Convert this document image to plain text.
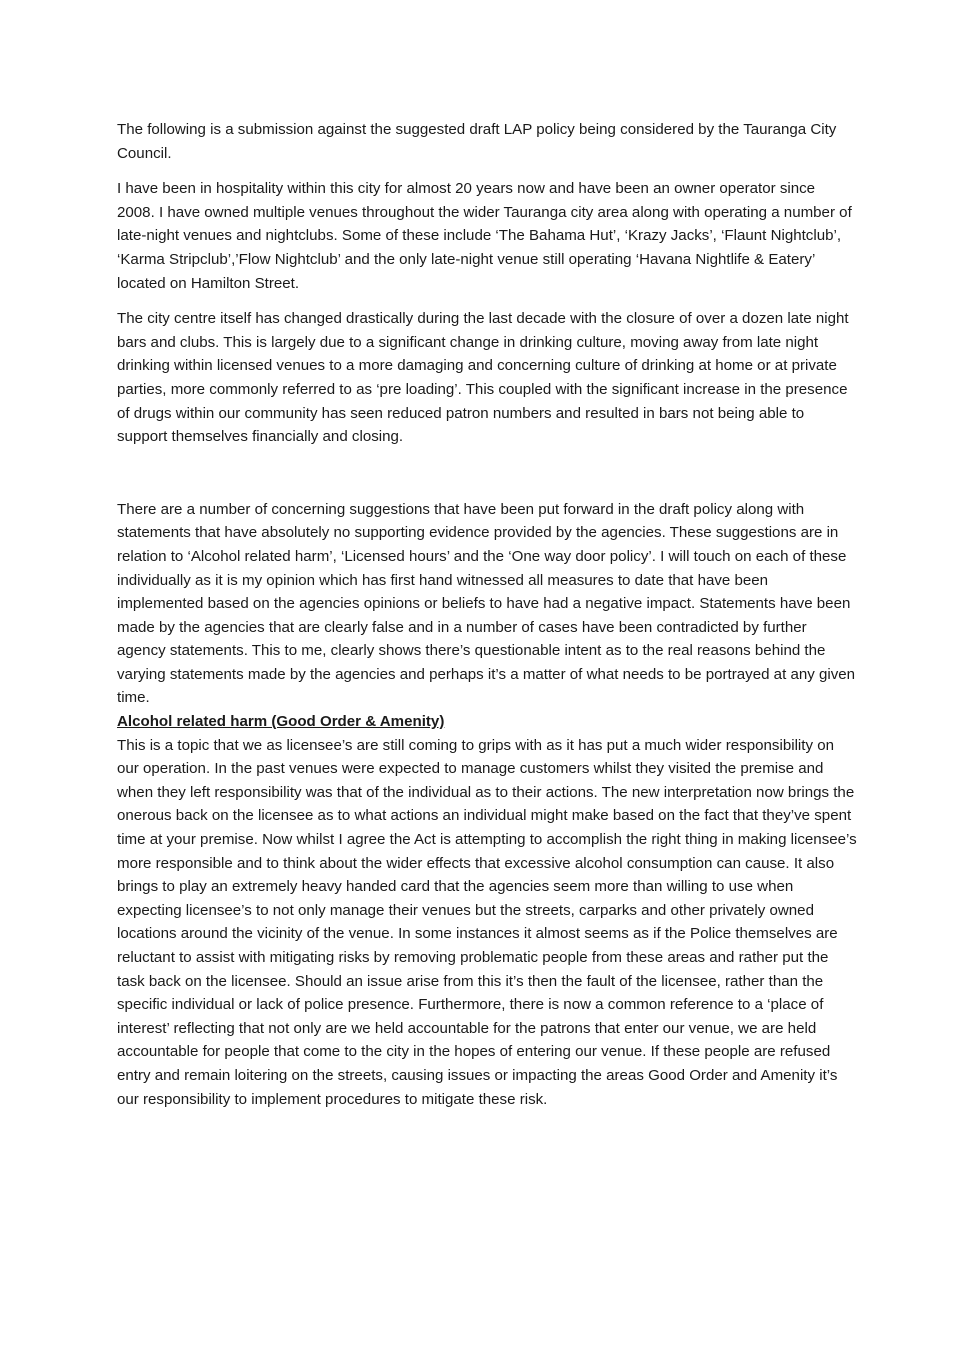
The following is a submission against the suggested draft LAP policy being considered by the Tauranga City Council.

I have been in hospitality within this city for almost 20 years now and have been an owner operator since 2008. I have owned multiple venues throughout the wider Tauranga city area along with operating a number of late-night venues and nightclubs. Some of these include ‘The Bahama Hut’, ‘Krazy Jacks’, ‘Flaunt Nightclub’, ‘Karma Stripclub’,’Flow Nightclub’ and the only late-night venue still operating ‘Havana Nightlife & Eatery’ located on Hamilton Street.

The city centre itself has changed drastically during the last decade with the closure of over a dozen late night bars and clubs. This is largely due to a significant change in drinking culture, moving away from late night drinking within licensed venues to a more damaging and concerning culture of drinking at home or at private parties, more commonly referred to as ‘pre loading’. This coupled with the significant increase in the presence of drugs within our community has seen reduced patron numbers and resulted in bars not being able to support themselves financially and closing.

There are a number of concerning suggestions that have been put forward in the draft policy along with statements that have absolutely no supporting evidence provided by the agencies. These suggestions are in relation to ‘Alcohol related harm’, ‘Licensed hours’ and the ‘One way door policy’. I will touch on each of these individually as it is my opinion which has first hand witnessed all measures to date that have been implemented based on the agencies opinions or beliefs to have had a negative impact. Statements have been made by the agencies that are clearly false and in a number of cases have been contradicted by further agency statements. This to me, clearly shows there’s questionable intent as to the real reasons behind the varying statements made by the agencies and perhaps it’s a matter of what needs to be portrayed at any given time.

Alcohol related harm (Good Order & Amenity)

This is a topic that we as licensee’s are still coming to grips with as it has put a much wider responsibility on our operation. In the past venues were expected to manage customers whilst they visited the premise and when they left responsibility was that of the individual as to their actions. The new interpretation now brings the onerous back on the licensee as to what actions an individual might make based on the fact that they’ve spent time at your premise. Now whilst I agree the Act is attempting to accomplish the right thing in making licensee’s more responsible and to think about the wider effects that excessive alcohol consumption can cause. It also brings to play an extremely heavy handed card that the agencies seem more than willing to use when expecting licensee’s to not only manage their venues but the streets, carparks and other privately owned locations around the vicinity of the venue. In some instances it almost seems as if the Police themselves are reluctant to assist with mitigating risks by removing problematic people from these areas and rather put the task back on the licensee. Should an issue arise from this it’s then the fault of the licensee, rather than the specific individual or lack of police presence. Furthermore, there is now a common reference to a ‘place of interest’ reflecting that not only are we held accountable for the patrons that enter our venue, we are held accountable for people that come to the city in the hopes of entering our venue. If these people are refused entry and remain loitering on the streets, causing issues or impacting the areas Good Order and Amenity it’s our responsibility to implement procedures to mitigate these risk.
